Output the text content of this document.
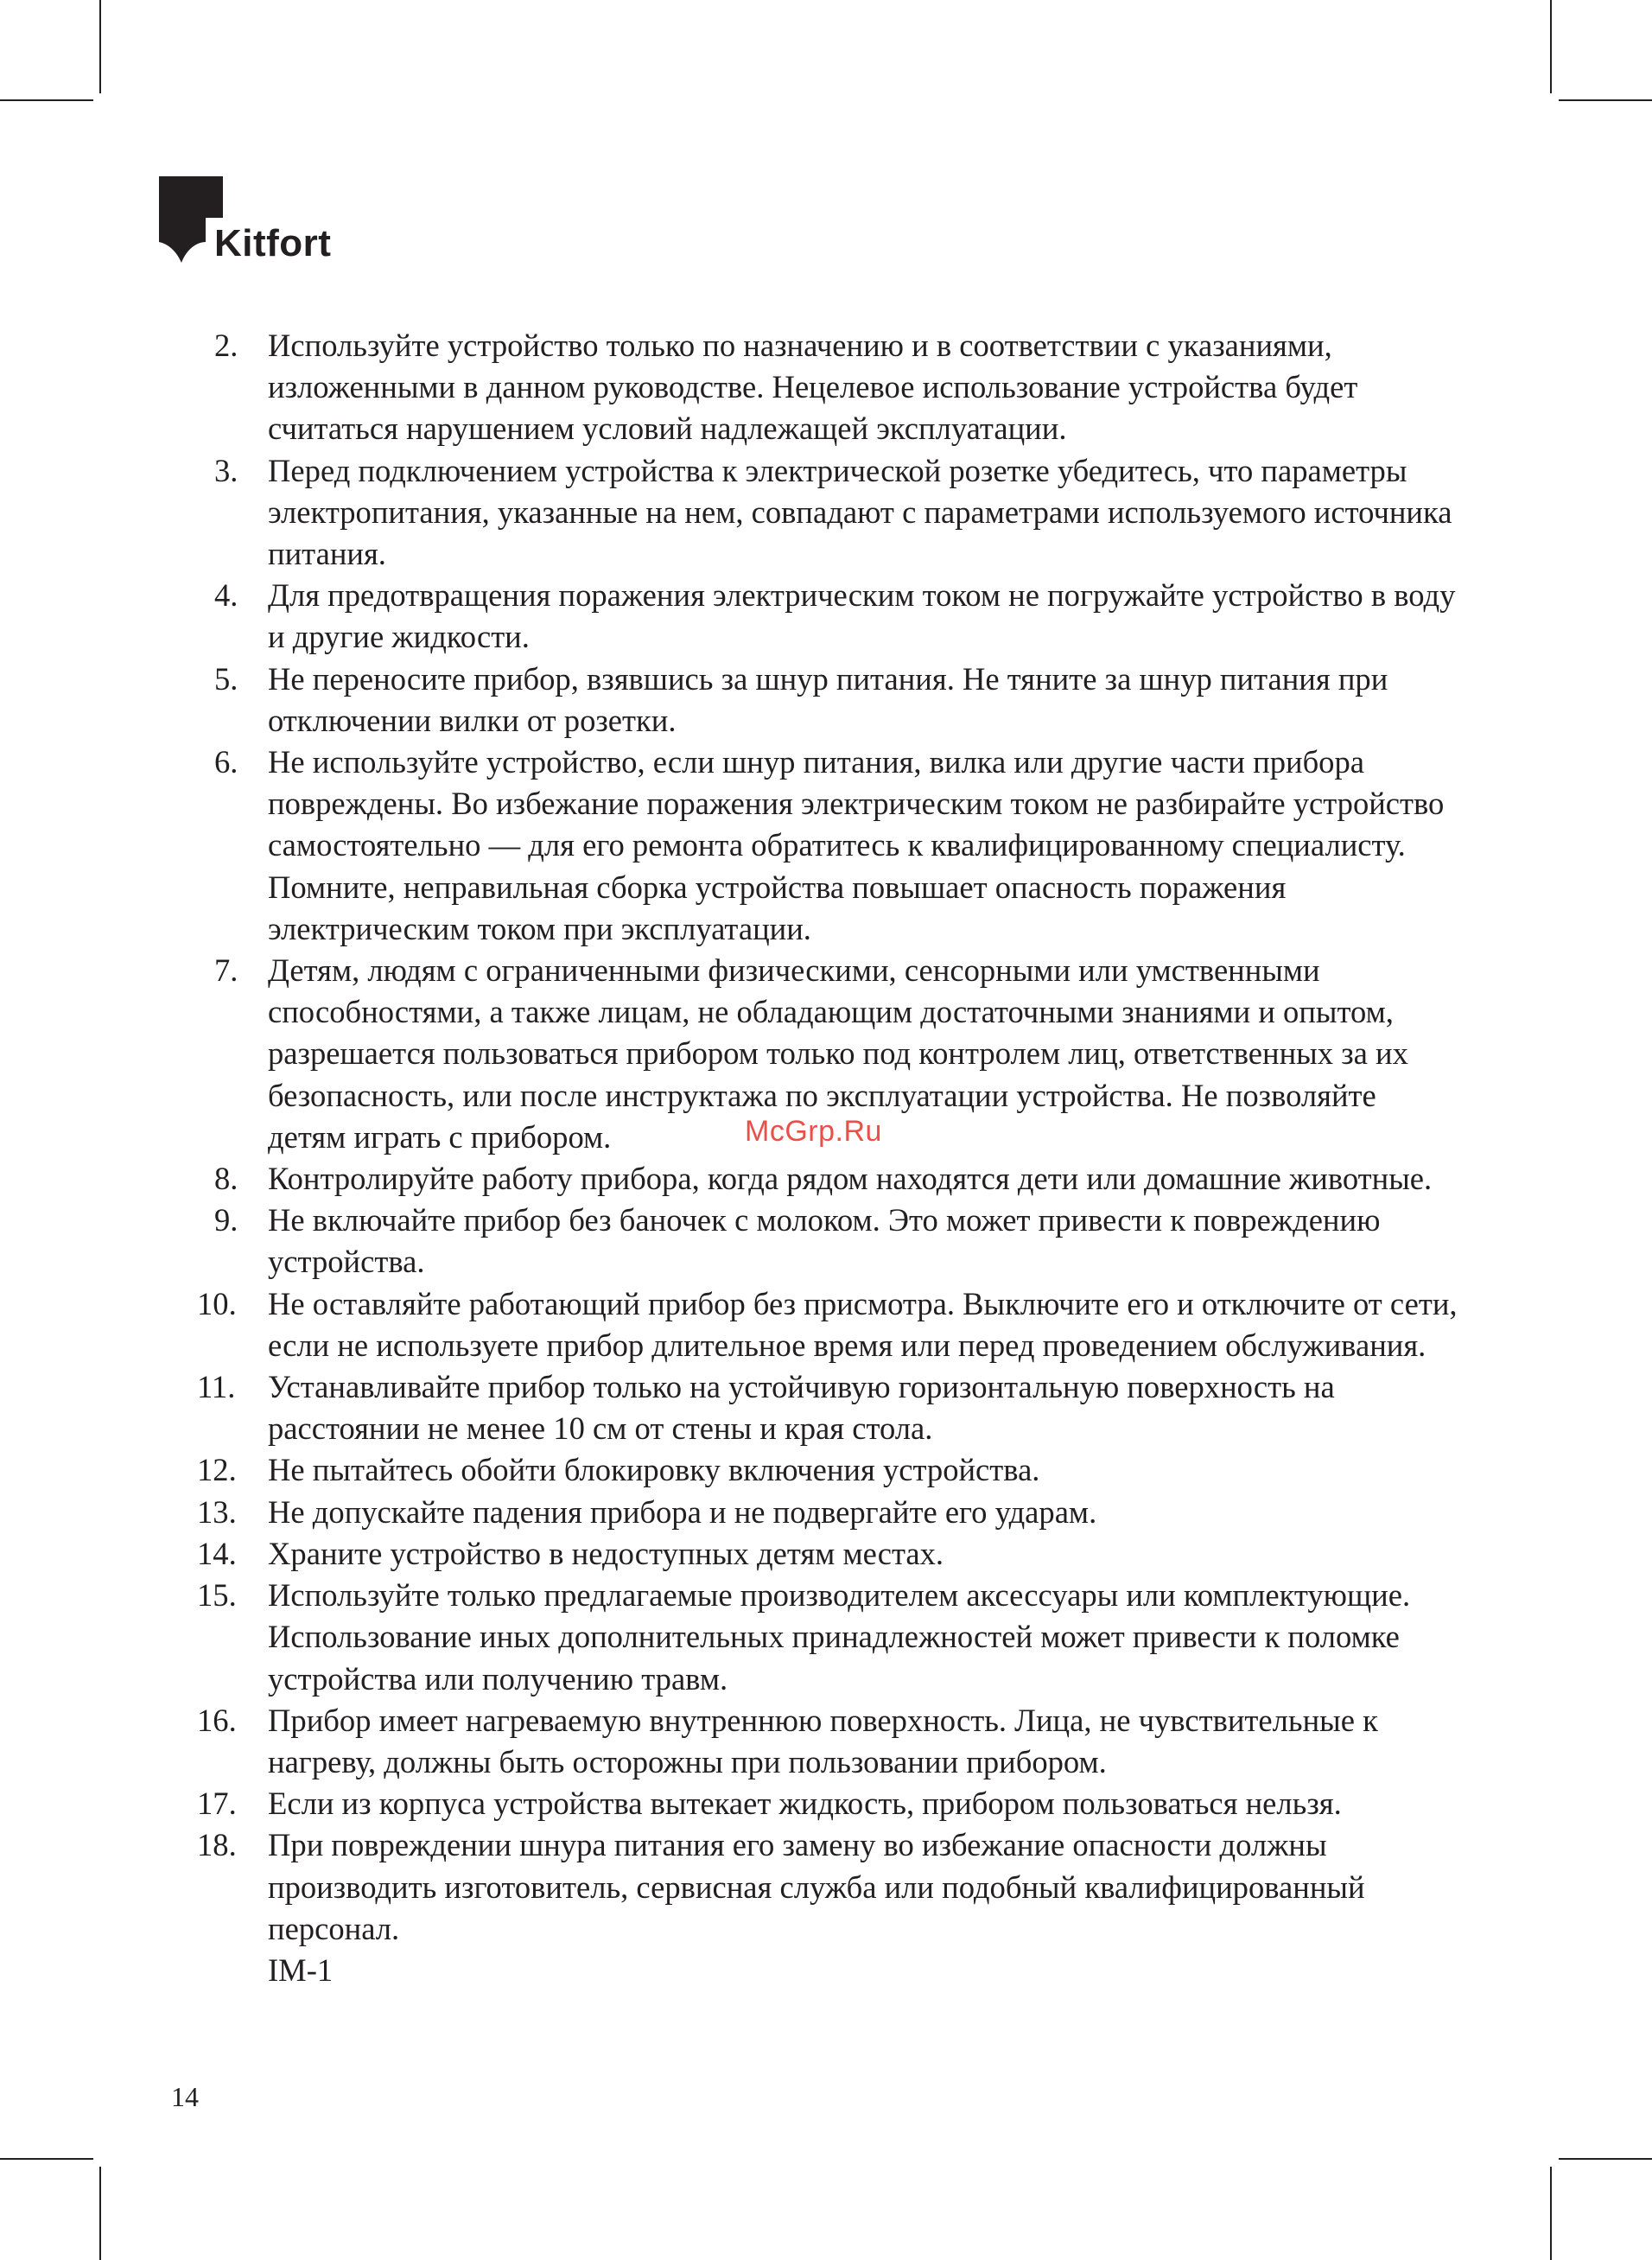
Kitfort
2. Используйте устройство только по назначению и в соответствии с указаниями, изложенными в данном руководстве. Нецелевое использование устройства будет считаться нарушением условий надлежащей эксплуатации.
3. Перед подключением устройства к электрической розетке убедитесь, что параметры электропитания, указанные на нем, совпадают с параметрами используемого источника питания.
4. Для предотвращения поражения электрическим током не погружайте устройство в воду и другие жидкости.
5. Не переносите прибор, взявшись за шнур питания. Не тяните за шнур питания при отключении вилки от розетки.
6. Не используйте устройство, если шнур питания, вилка или другие части прибора повреждены. Во избежание поражения электрическим током не разбирайте устройство самостоятельно — для его ремонта обратитесь к квалифицированному специалисту. Помните, неправильная сборка устройства повышает опасность поражения электрическим током при эксплуатации.
7. Детям, людям с ограниченными физическими, сенсорными или умственными способностями, а также лицам, не обладающим достаточными знаниями и опытом, разрешается пользоваться прибором только под контролем лиц, ответственных за их безопасность, или после инструктажа по эксплуатации устройства. Не позволяйте детям играть с прибором.
8. Контролируйте работу прибора, когда рядом находятся дети или домашние животные.
9. Не включайте прибор без баночек с молоком. Это может привести к повреждению устройства.
10. Не оставляйте работающий прибор без присмотра. Выключите его и отключите от сети, если не используете прибор длительное время или перед проведением обслуживания.
11. Устанавливайте прибор только на устойчивую горизонтальную поверхность на расстоянии не менее 10 см от стены и края стола.
12. Не пытайтесь обойти блокировку включения устройства.
13. Не допускайте падения прибора и не подвергайте его ударам.
14. Храните устройство в недоступных детям местах.
15. Используйте только предлагаемые производителем аксессуары или комплектующие. Использование иных дополнительных принадлежностей может привести к поломке устройства или получению травм.
16. Прибор имеет нагреваемую внутреннюю поверхность. Лица, не чувствительные к нагреву, должны быть осторожны при пользовании прибором.
17. Если из корпуса устройства вытекает жидкость, прибором пользоваться нельзя.
18. При повреждении шнура питания его замену во избежание опасности должны производить изготовитель, сервисная служба или подобный квалифицированный персонал.
IM-1
McGrp.Ru
14
